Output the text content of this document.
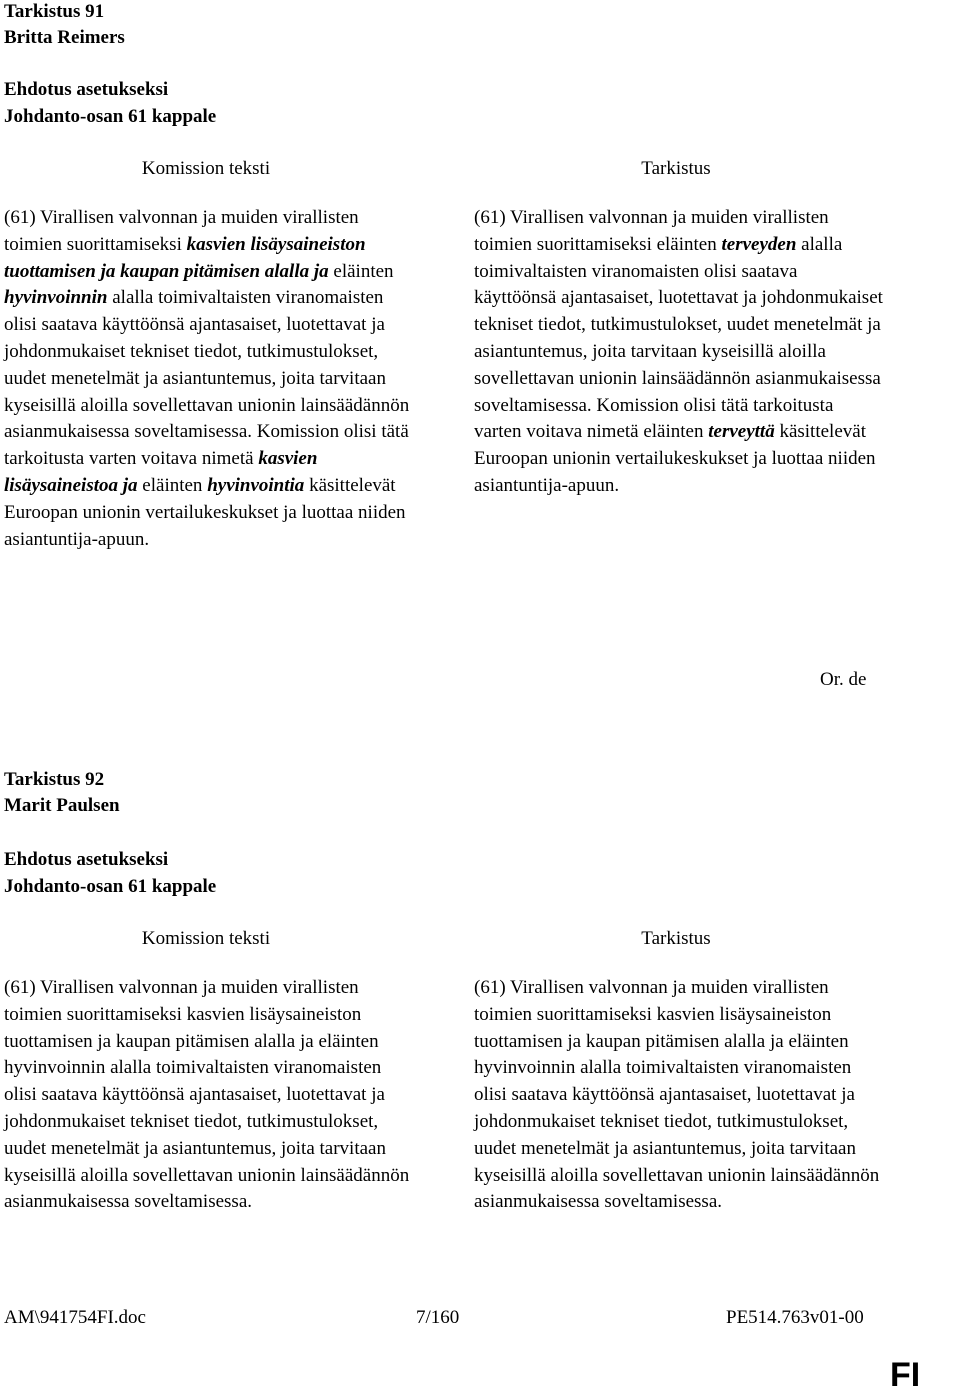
Tarkistus 91
Britta Reimers
Ehdotus asetukseksi
Johdanto-osan 61 kappale
Komission teksti	Tarkistus
(61) Virallisen valvonnan ja muiden virallisten toimien suorittamiseksi kasvien lisäysaineiston tuottamisen ja kaupan pitämisen alalla ja eläinten hyvinvoinnin alalla toimivaltaisten viranomaisten olisi saatava käyttöönsä ajantasaiset, luotettavat ja johdonmukaiset tekniset tiedot, tutkimustulokset, uudet menetelmät ja asiantuntemus, joita tarvitaan kyseisillä aloilla sovellettavan unionin lainsäädännön asianmukaisessa soveltamisessa. Komission olisi tätä tarkoitusta varten voitava nimetä kasvien lisäysaineistoa ja eläinten hyvinvointia käsittelevät Euroopan unionin vertailukeskukset ja luottaa niiden asiantuntija-apuun.
(61) Virallisen valvonnan ja muiden virallisten toimien suorittamiseksi eläinten terveyden alalla toimivaltaisten viranomaisten olisi saatava käyttöönsä ajantasaiset, luotettavat ja johdonmukaiset tekniset tiedot, tutkimustulokset, uudet menetelmät ja asiantuntemus, joita tarvitaan kyseisillä aloilla sovellettavan unionin lainsäädännön asianmukaisessa soveltamisessa. Komission olisi tätä tarkoitusta varten voitava nimetä eläinten terveyttä käsittelevät Euroopan unionin vertailukeskukset ja luottaa niiden asiantuntija-apuun.
Or. de
Tarkistus 92
Marit Paulsen
Ehdotus asetukseksi
Johdanto-osan 61 kappale
Komission teksti	Tarkistus
(61) Virallisen valvonnan ja muiden virallisten toimien suorittamiseksi kasvien lisäysaineiston tuottamisen ja kaupan pitämisen alalla ja eläinten hyvinvoinnin alalla toimivaltaisten viranomaisten olisi saatava käyttöönsä ajantasaiset, luotettavat ja johdonmukaiset tekniset tiedot, tutkimustulokset, uudet menetelmät ja asiantuntemus, joita tarvitaan kyseisillä aloilla sovellettavan unionin lainsäädännön asianmukaisessa soveltamisessa.
(61) Virallisen valvonnan ja muiden virallisten toimien suorittamiseksi kasvien lisäysaineiston tuottamisen ja kaupan pitämisen alalla ja eläinten hyvinvoinnin alalla toimivaltaisten viranomaisten olisi saatava käyttöönsä ajantasaiset, luotettavat ja johdonmukaiset tekniset tiedot, tutkimustulokset, uudet menetelmät ja asiantuntemus, joita tarvitaan kyseisillä aloilla sovellettavan unionin lainsäädännön asianmukaisessa soveltamisessa.
AM\941754FI.doc	7/160	PE514.763v01-00
FI
